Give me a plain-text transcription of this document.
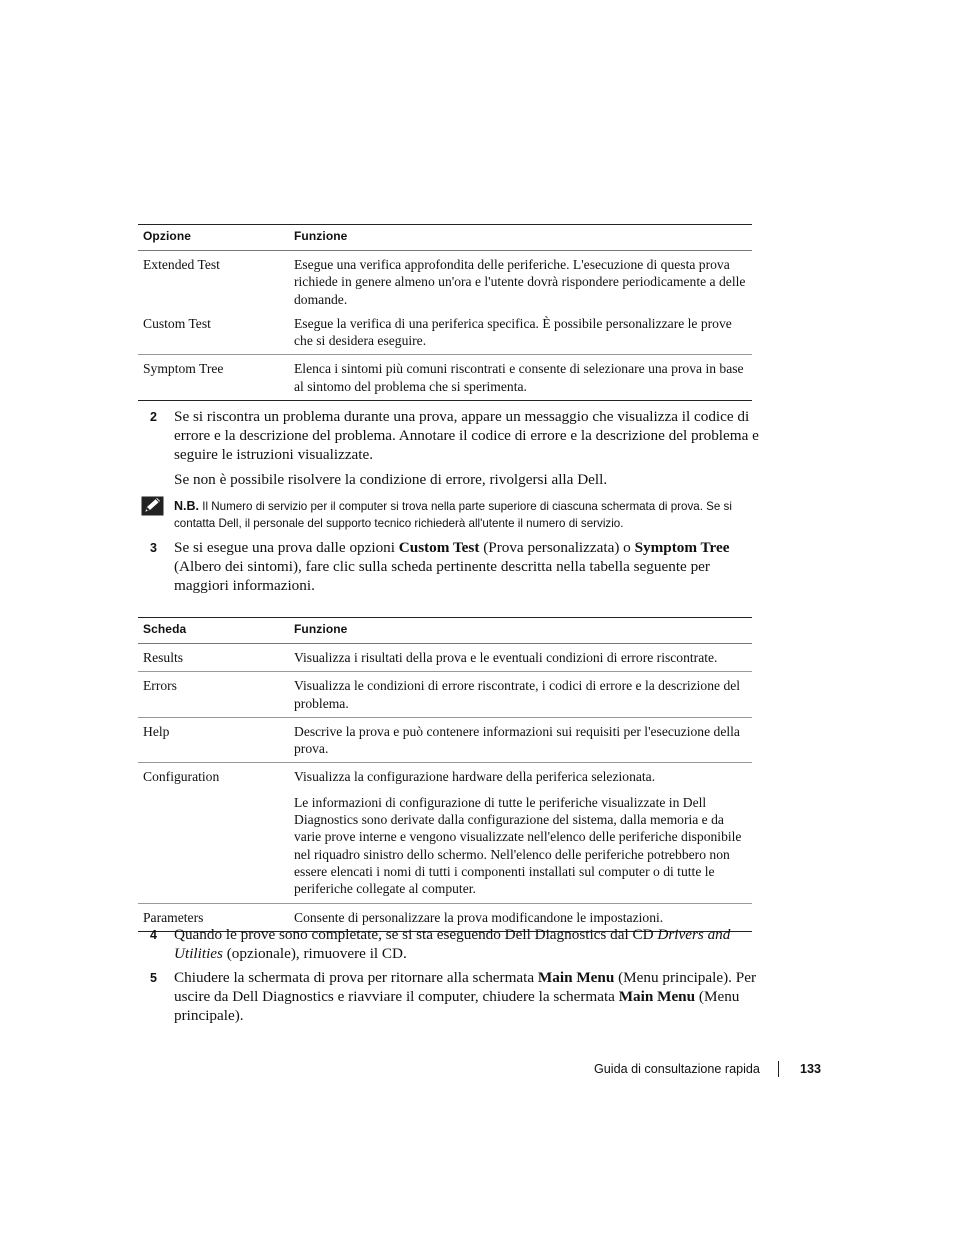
Opzione	Funzione
Extended Test	Esegue una verifica approfondita delle periferiche. L'esecuzione di questa prova richiede in genere almeno un'ora e l'utente dovrà rispondere periodicamente a delle domande.
Custom Test	Esegue la verifica di una periferica specifica. È possibile personalizzare le prove che si desidera eseguire.
Symptom Tree	Elenca i sintomi più comuni riscontrati e consente di selezionare una prova in base al sintomo del problema che si sperimenta.
2 Se si riscontra un problema durante una prova, appare un messaggio che visualizza il codice di errore e la descrizione del problema. Annotare il codice di errore e la descrizione del problema e seguire le istruzioni visualizzate.
Se non è possibile risolvere la condizione di errore, rivolgersi alla Dell.
N.B. Il Numero di servizio per il computer si trova nella parte superiore di ciascuna schermata di prova. Se si contatta Dell, il personale del supporto tecnico richiederà all'utente il numero di servizio.
3 Se si esegue una prova dalle opzioni Custom Test (Prova personalizzata) o Symptom Tree (Albero dei sintomi), fare clic sulla scheda pertinente descritta nella tabella seguente per maggiori informazioni.
Scheda	Funzione
Results	Visualizza i risultati della prova e le eventuali condizioni di errore riscontrate.
Errors	Visualizza le condizioni di errore riscontrate, i codici di errore e la descrizione del problema.
Help	Descrive la prova e può contenere informazioni sui requisiti per l'esecuzione della prova.
Configuration	Visualizza la configurazione hardware della periferica selezionata.

Le informazioni di configurazione di tutte le periferiche visualizzate in Dell Diagnostics sono derivate dalla configurazione del sistema, dalla memoria e da varie prove interne e vengono visualizzate nell'elenco delle periferiche disponibile nel riquadro sinistro dello schermo. Nell'elenco delle periferiche potrebbero non essere elencati i nomi di tutti i componenti installati sul computer o di tutte le periferiche collegate al computer.

Parameters	Consente di personalizzare la prova modificandone le impostazioni.
4 Quando le prove sono completate, se si sta eseguendo Dell Diagnostics dal CD Drivers and Utilities (opzionale), rimuovere il CD.
5 Chiudere la schermata di prova per ritornare alla schermata Main Menu (Menu principale). Per uscire da Dell Diagnostics e riavviare il computer, chiudere la schermata Main Menu (Menu principale).
Guida di consultazione rapida	133
